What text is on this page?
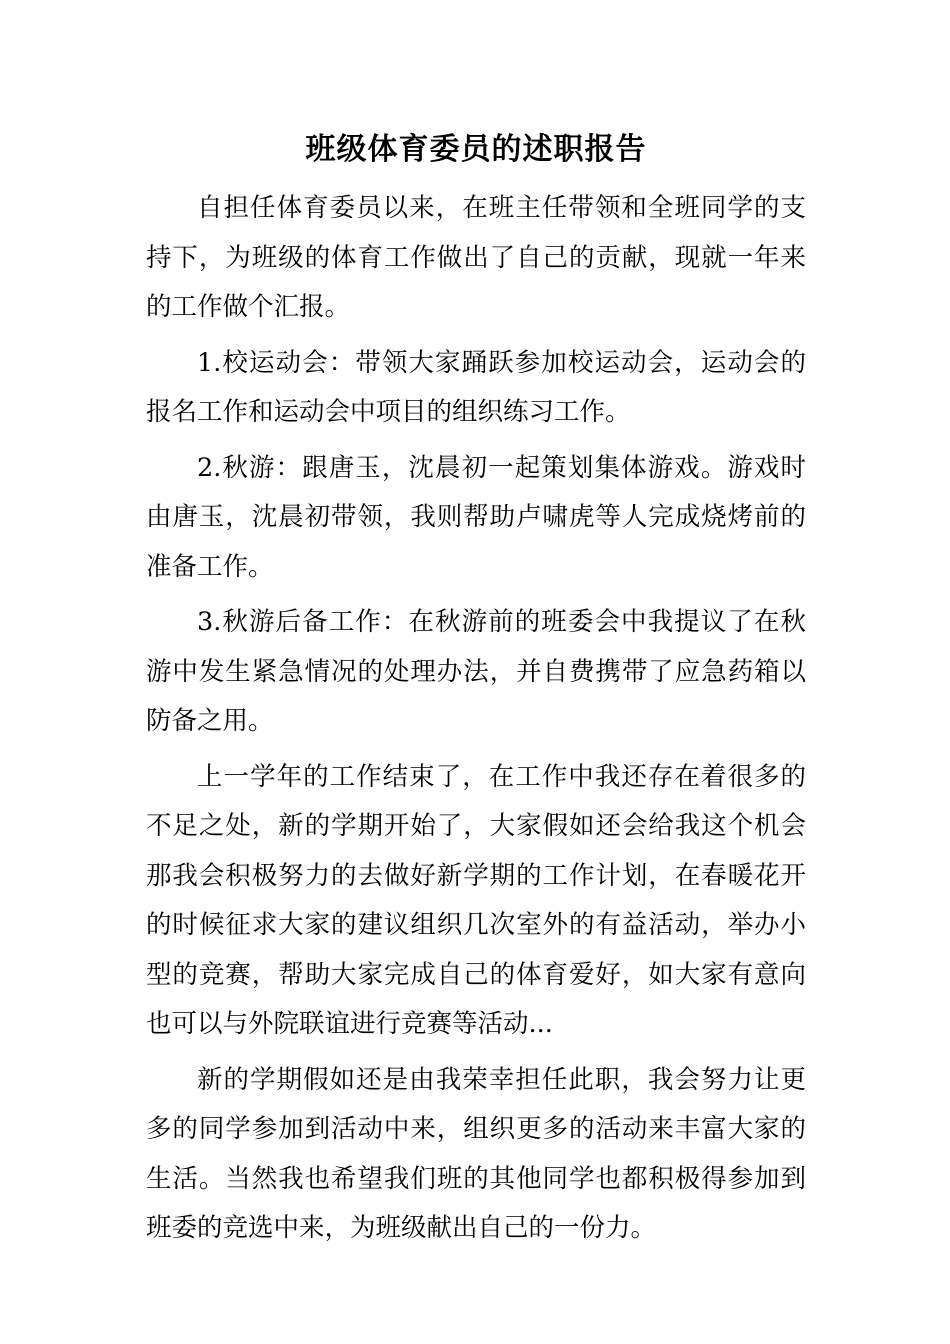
班级体育委员的述职报告

自担任体育委员以来，在班主任带领和全班同学的支持下，为班级的体育工作做出了自己的贡献，现就一年来的工作做个汇报。

1.校运动会：带领大家踊跃参加校运动会，运动会的报名工作和运动会中项目的组织练习工作。

2.秋游：跟唐玉，沈晨初一起策划集体游戏。游戏时由唐玉，沈晨初带领，我则帮助卢啸虎等人完成烧烤前的准备工作。

3.秋游后备工作：在秋游前的班委会中我提议了在秋游中发生紧急情况的处理办法，并自费携带了应急药箱以防备之用。

上一学年的工作结束了，在工作中我还存在着很多的不足之处，新的学期开始了，大家假如还会给我这个机会那我会积极努力的去做好新学期的工作计划，在春暖花开的时候征求大家的建议组织几次室外的有益活动，举办小型的竞赛，帮助大家完成自己的体育爱好，如大家有意向也可以与外院联谊进行竞赛等活动...

新的学期假如还是由我荣幸担任此职，我会努力让更多的同学参加到活动中来，组织更多的活动来丰富大家的生活。当然我也希望我们班的其他同学也都积极得参加到班委的竞选中来，为班级献出自己的一份力。
